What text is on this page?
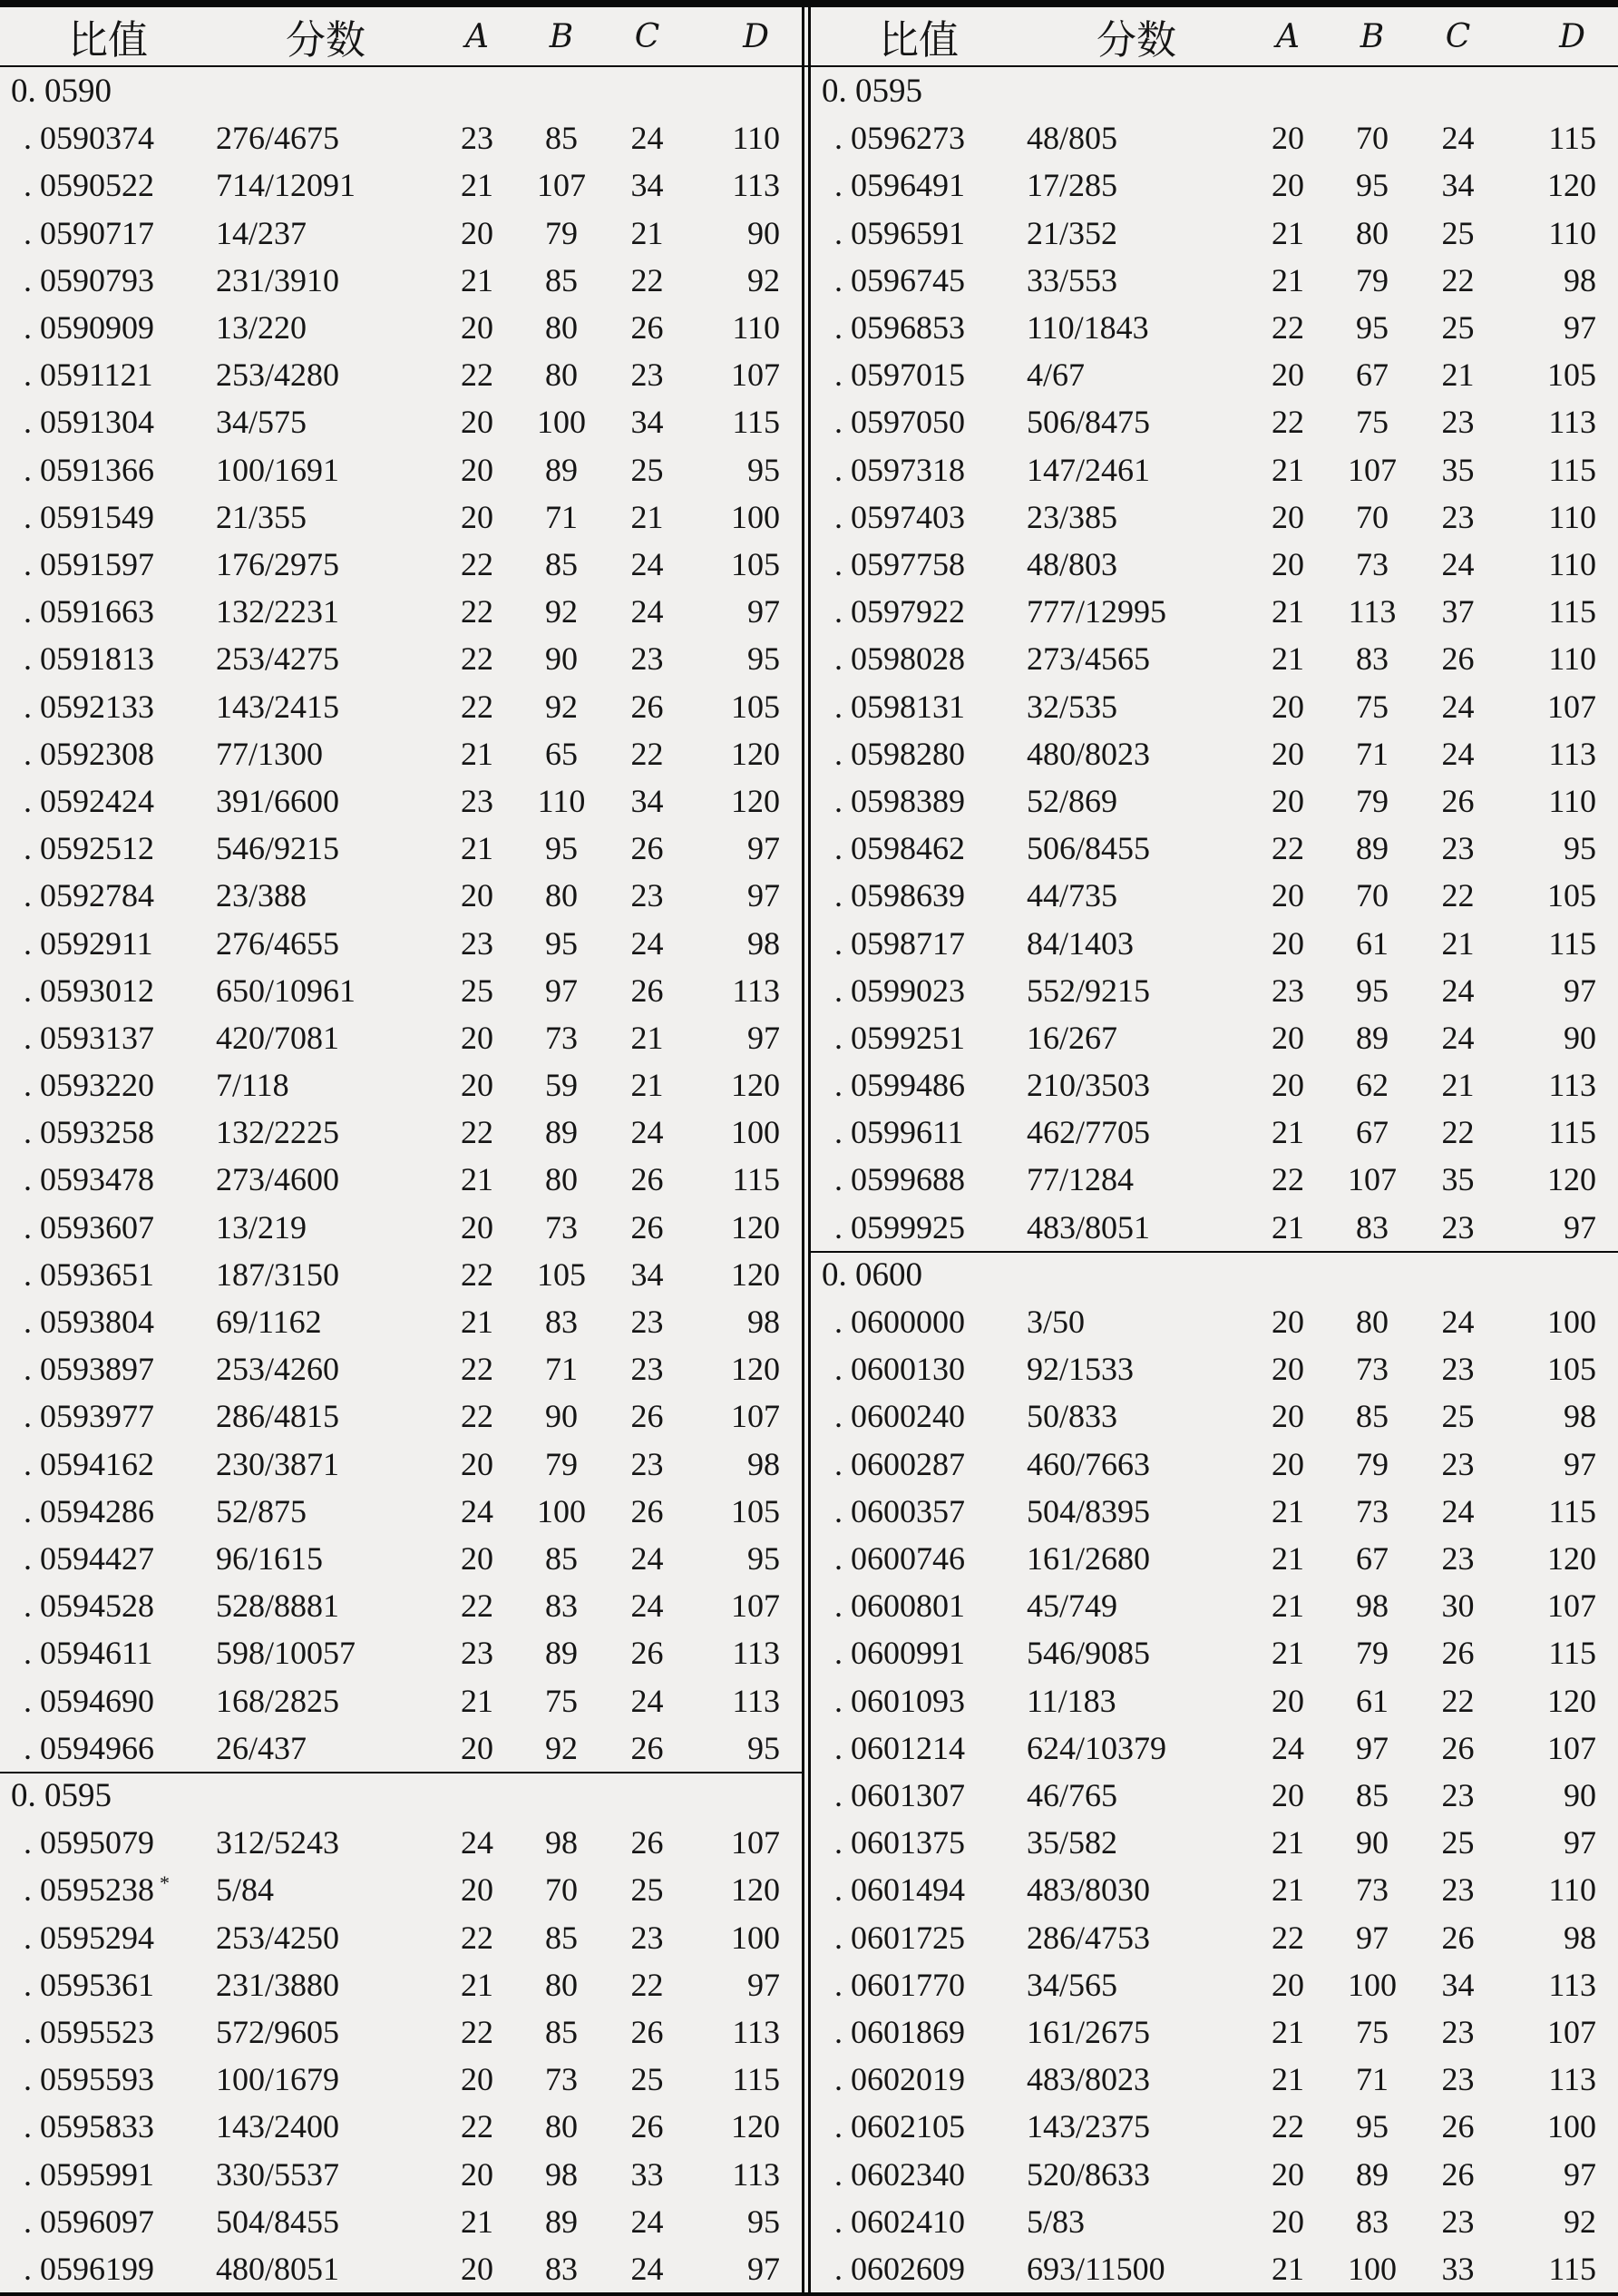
比值	分数	A	B	C	D
0. 0590
. 0590374	276/4675	23	85	24	110
. 0590522	714/12091	21	107	34	113
. 0590717	14/237	20	79	21	90
. 0590793	231/3910	21	85	22	92
. 0590909	13/220	20	80	26	110
. 0591121	253/4280	22	80	23	107
. 0591304	34/575	20	100	34	115
. 0591366	100/1691	20	89	25	95
. 0591549	21/355	20	71	21	100
. 0591597	176/2975	22	85	24	105
. 0591663	132/2231	22	92	24	97
. 0591813	253/4275	22	90	23	95
. 0592133	143/2415	22	92	26	105
. 0592308	77/1300	21	65	22	120
. 0592424	391/6600	23	110	34	120
. 0592512	546/9215	21	95	26	97
. 0592784	23/388	20	80	23	97
. 0592911	276/4655	23	95	24	98
. 0593012	650/10961	25	97	26	113
. 0593137	420/7081	20	73	21	97
. 0593220	7/118	20	59	21	120
. 0593258	132/2225	22	89	24	100
. 0593478	273/4600	21	80	26	115
. 0593607	13/219	20	73	26	120
. 0593651	187/3150	22	105	34	120
. 0593804	69/1162	21	83	23	98
. 0593897	253/4260	22	71	23	120
. 0593977	286/4815	22	90	26	107
. 0594162	230/3871	20	79	23	98
. 0594286	52/875	24	100	26	105
. 0594427	96/1615	20	85	24	95
. 0594528	528/8881	22	83	24	107
. 0594611	598/10057	23	89	26	113
. 0594690	168/2825	21	75	24	113
. 0594966	26/437	20	92	26	95
0. 0595
. 0595079	312/5243	24	98	26	107
. 0595238 *	5/84	20	70	25	120
. 0595294	253/4250	22	85	23	100
. 0595361	231/3880	21	80	22	97
. 0595523	572/9605	22	85	26	113
. 0595593	100/1679	20	73	25	115
. 0595833	143/2400	22	80	26	120
. 0595991	330/5537	20	98	33	113
. 0596097	504/8455	21	89	24	95
. 0596199	480/8051	20	83	24	97
比值	分数	A	B	C	D
0. 0595
. 0596273	48/805	20	70	24	115
. 0596491	17/285	20	95	34	120
. 0596591	21/352	21	80	25	110
. 0596745	33/553	21	79	22	98
. 0596853	110/1843	22	95	25	97
. 0597015	4/67	20	67	21	105
. 0597050	506/8475	22	75	23	113
. 0597318	147/2461	21	107	35	115
. 0597403	23/385	20	70	23	110
. 0597758	48/803	20	73	24	110
. 0597922	777/12995	21	113	37	115
. 0598028	273/4565	21	83	26	110
. 0598131	32/535	20	75	24	107
. 0598280	480/8023	20	71	24	113
. 0598389	52/869	20	79	26	110
. 0598462	506/8455	22	89	23	95
. 0598639	44/735	20	70	22	105
. 0598717	84/1403	20	61	21	115
. 0599023	552/9215	23	95	24	97
. 0599251	16/267	20	89	24	90
. 0599486	210/3503	20	62	21	113
. 0599611	462/7705	21	67	22	115
. 0599688	77/1284	22	107	35	120
. 0599925	483/8051	21	83	23	97
0. 0600
. 0600000	3/50	20	80	24	100
. 0600130	92/1533	20	73	23	105
. 0600240	50/833	20	85	25	98
. 0600287	460/7663	20	79	23	97
. 0600357	504/8395	21	73	24	115
. 0600746	161/2680	21	67	23	120
. 0600801	45/749	21	98	30	107
. 0600991	546/9085	21	79	26	115
. 0601093	11/183	20	61	22	120
. 0601214	624/10379	24	97	26	107
. 0601307	46/765	20	85	23	90
. 0601375	35/582	21	90	25	97
. 0601494	483/8030	21	73	23	110
. 0601725	286/4753	22	97	26	98
. 0601770	34/565	20	100	34	113
. 0601869	161/2675	21	75	23	107
. 0602019	483/8023	21	71	23	113
. 0602105	143/2375	22	95	26	100
. 0602340	520/8633	20	89	26	97
. 0602410	5/83	20	83	23	92
. 0602609	693/11500	21	100	33	115
